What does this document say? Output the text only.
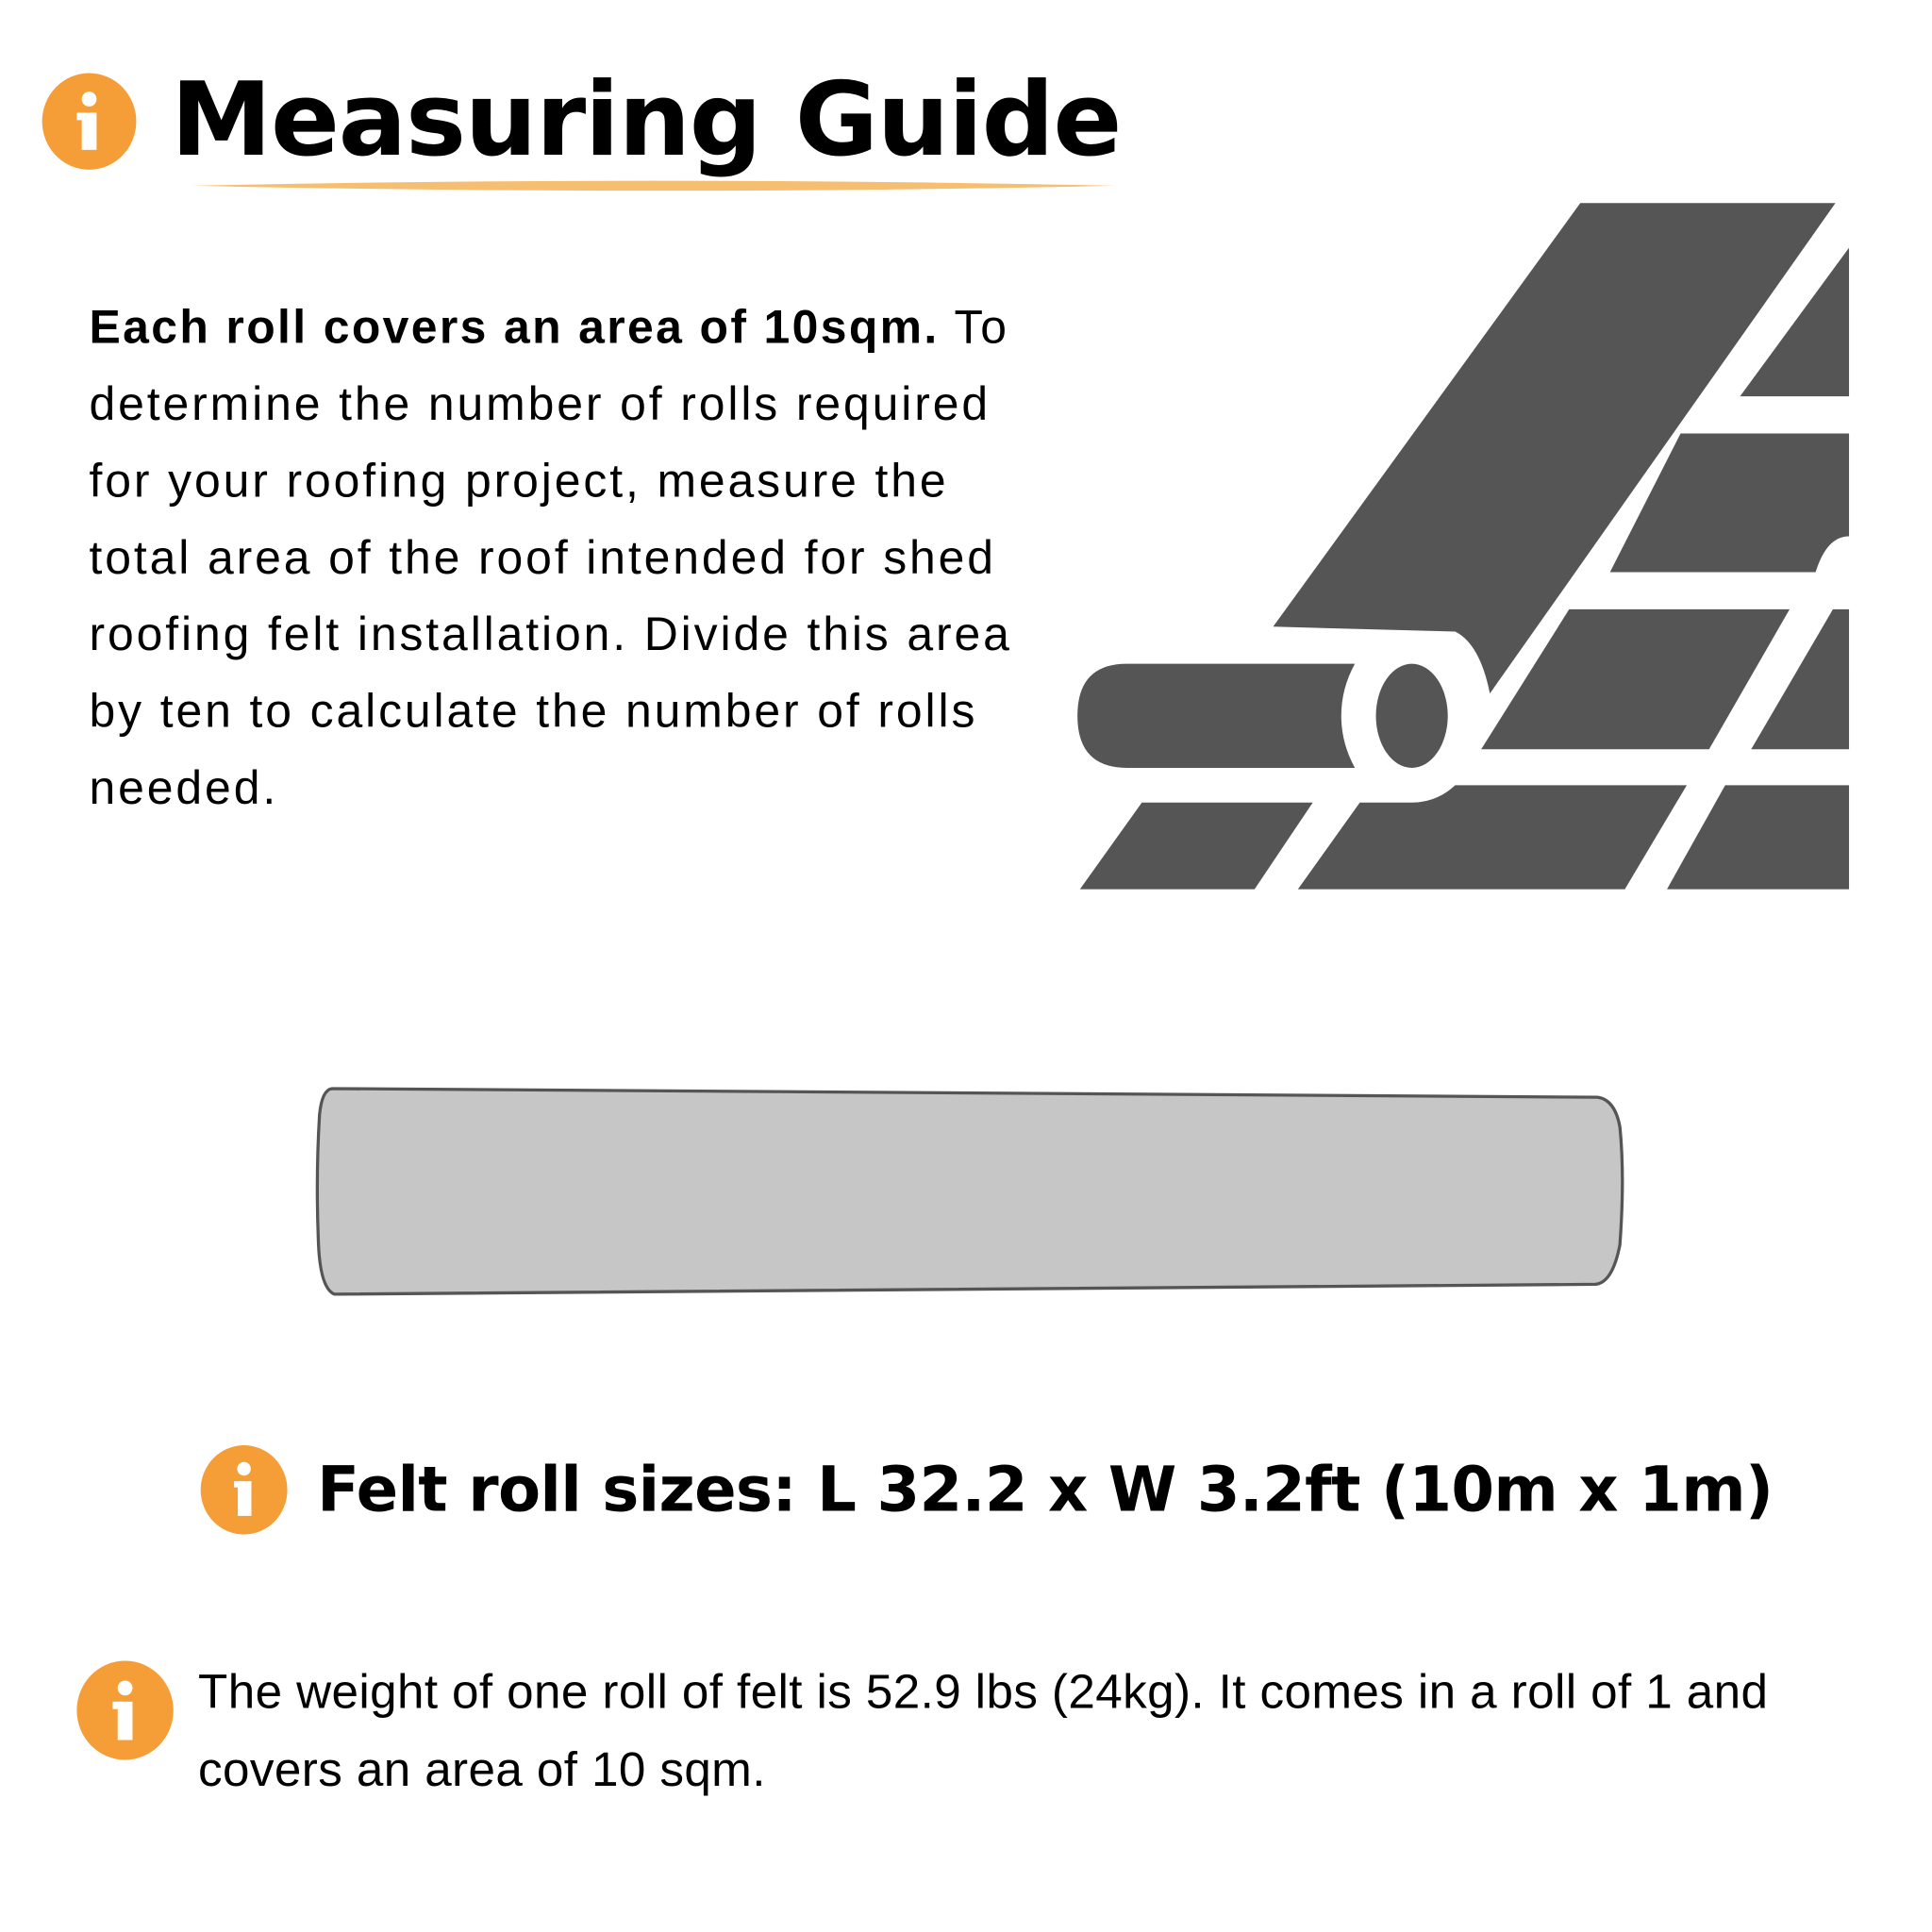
Measuring Guide
Each roll covers an area of 10sqm. To determine the number of rolls required for your roofing project, measure the total area of the roof intended for shed roofing felt installation. Divide this area by ten to calculate the number of rolls needed.
Felt roll sizes: L 32.2 x W 3.2ft (10m x 1m)
The weight of one roll of felt is 52.9 lbs (24kg). It comes in a roll of 1 and covers an area of 10 sqm.
